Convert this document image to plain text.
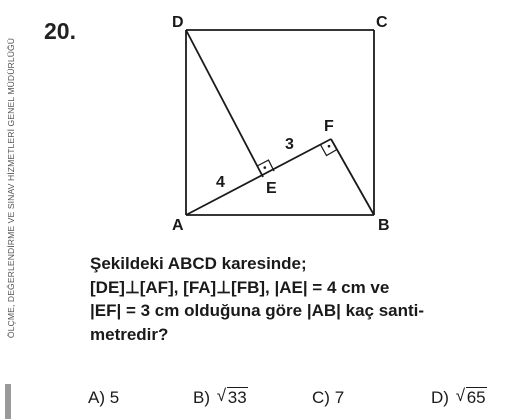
ÖLÇME, DEĞERLENDİRME VE SINAV HİZMETLERİ GENEL MÜDÜRLÜĞÜ
20.	D	C
A	B
E
F
4
3
Şekildeki ABCD karesinde;
[DE]⊥[AF], [FA]⊥[FB], |AE| = 4 cm ve
|EF| = 3 cm olduğuna göre |AB| kaç santi-
metredir?
A) 5	B) √ 33	C) 7	D) √ 65
